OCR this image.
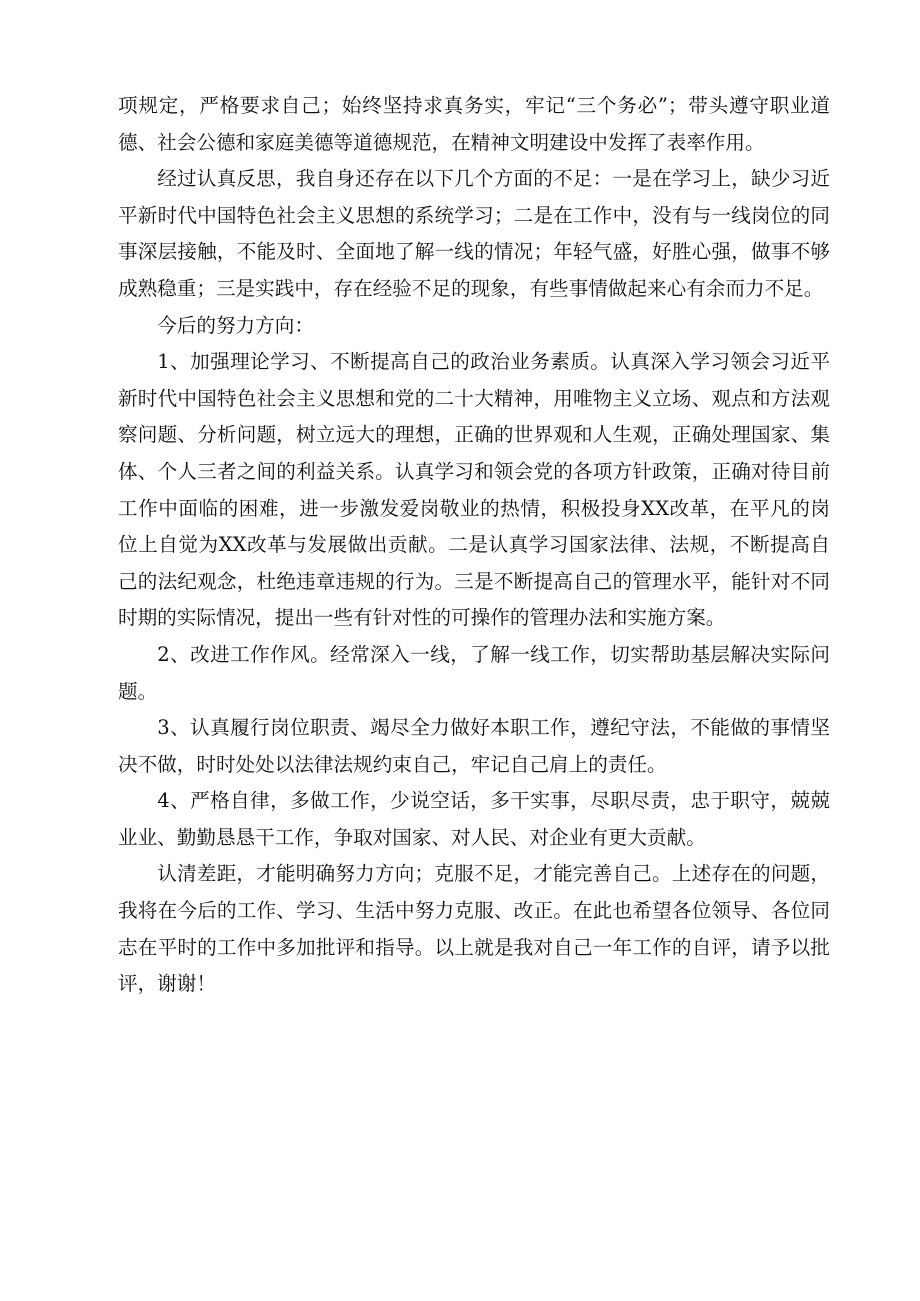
项规定，严格要求自己；始终坚持求真务实，牢记“三个务必”；带头遵守职业道德、社会公德和家庭美德等道德规范，在精神文明建设中发挥了表率作用。

经过认真反思，我自身还存在以下几个方面的不足：一是在学习上，缺少习近平新时代中国特色社会主义思想的系统学习；二是在工作中，没有与一线岗位的同事深层接触，不能及时、全面地了解一线的情况；年轻气盛，好胜心强，做事不够成熟稳重；三是实践中，存在经验不足的现象，有些事情做起来心有余而力不足。

今后的努力方向：

1、加强理论学习、不断提高自己的政治业务素质。认真深入学习领会习近平新时代中国特色社会主义思想和党的二十大精神，用唯物主义立场、观点和方法观察问题、分析问题，树立远大的理想，正确的世界观和人生观，正确处理国家、集体、个人三者之间的利益关系。认真学习和领会党的各项方针政策，正确对待目前工作中面临的困难，进一步激发爱岗敬业的热情，积极投身XX改革，在平凡的岗位上自觉为XX改革与发展做出贡献。二是认真学习国家法律、法规，不断提高自己的法纪观念，杜绝违章违规的行为。三是不断提高自己的管理水平，能针对不同时期的实际情况，提出一些有针对性的可操作的管理办法和实施方案。

2、改进工作作风。经常深入一线，了解一线工作，切实帮助基层解决实际问题。

3、认真履行岗位职责、竭尽全力做好本职工作，遵纪守法，不能做的事情坚决不做，时时处处以法律法规约束自己，牢记自己肩上的责任。

4、严格自律，多做工作，少说空话，多干实事，尽职尽责，忠于职守，兢兢业业、勤勤恳恳干工作，争取对国家、对人民、对企业有更大贡献。

认清差距，才能明确努力方向；克服不足，才能完善自己。上述存在的问题，我将在今后的工作、学习、生活中努力克服、改正。在此也希望各位领导、各位同志在平时的工作中多加批评和指导。以上就是我对自己一年工作的自评，请予以批评，谢谢！
